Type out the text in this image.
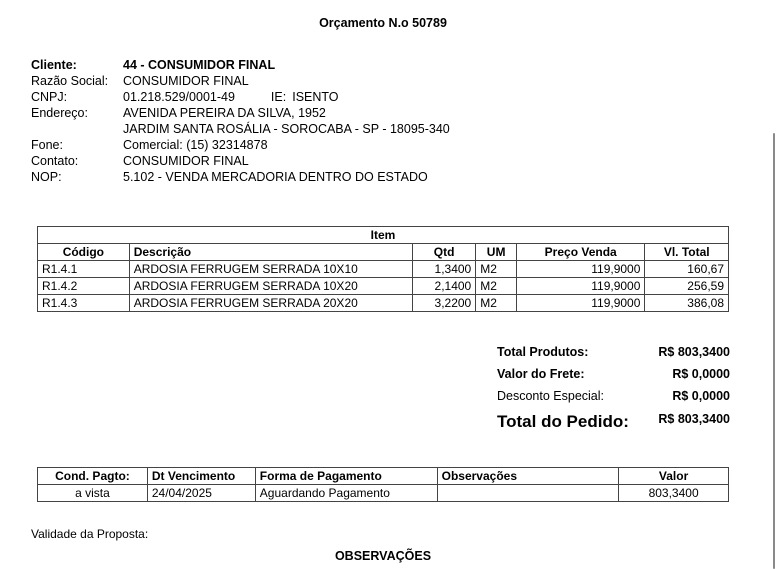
Orçamento N.o 50789
Cliente:	44 - CONSUMIDOR FINAL
Razão Social:	CONSUMIDOR FINAL
CNPJ:	01.218.529/0001-49	IE: ISENTO
Endereço:	AVENIDA PEREIRA DA SILVA, 1952
JARDIM SANTA ROSÁLIA - SOROCABA - SP - 18095-340
Fone:	Comercial: (15) 32314878
Contato:	CONSUMIDOR FINAL
NOP:	5.102 - VENDA MERCADORIA DENTRO DO ESTADO
Item					
Código	Descrição	Qtd	UM	Preço Venda	Vl. Total
R1.4.1	ARDOSIA FERRUGEM SERRADA 10X10	1,3400	M2	119,9000	160,67
R1.4.2	ARDOSIA FERRUGEM SERRADA 10X20	2,1400	M2	119,9000	256,59
R1.4.3	ARDOSIA FERRUGEM SERRADA 20X20	3,2200	M2	119,9000	386,08
Total Produtos:	R$ 803,3400
Valor do Frete:	R$ 0,0000
Desconto Especial:	R$ 0,0000
Total do Pedido: R$ 803,3400
Cond. Pagto:	Dt Vencimento	Forma de Pagamento	Observações	Valor
a vista	24/04/2025	Aguardando Pagamento		803,3400
Validade da Proposta:
OBSERVAÇÕES
